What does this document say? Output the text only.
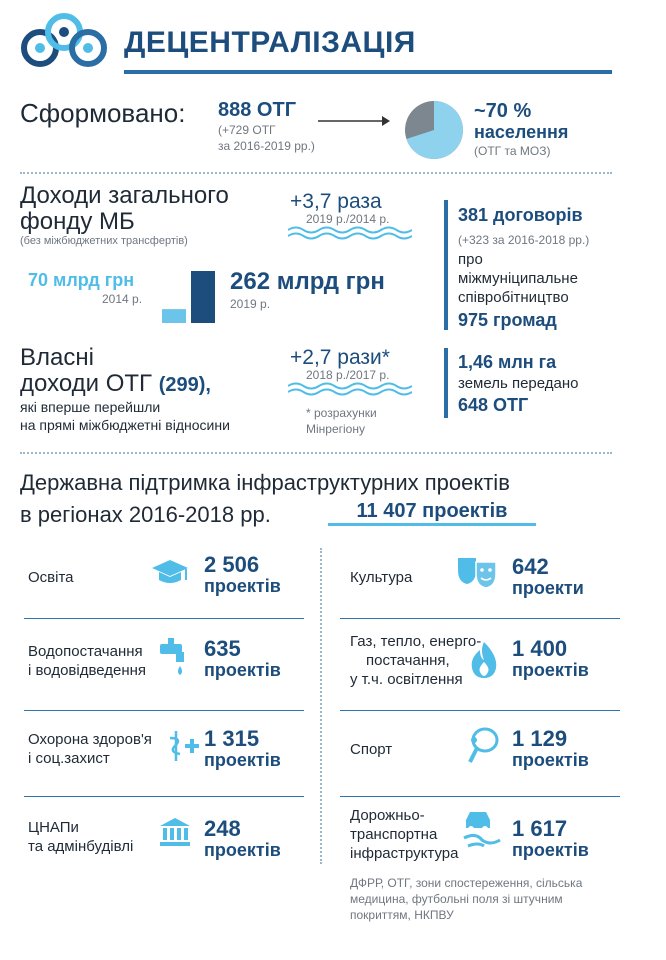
ДЕЦЕНТРАЛІЗАЦІЯ
Сформовано: 888 ОТГ
(+729 ОТГ
за 2016-2019 рр.)
~70 %
населення
(ОТГ та МОЗ)
Доходи загального
фонду МБ
(без міжбюджетних трансфертів)
+3,7 раза
2019 р./2014 р.
70 млрд грн
2014 р.
262 млрд грн
2019 р.
381 договорів
(+323 за 2016-2018 рр.)
про
міжмуніципальне
співробітництво
975 громад
Власні
доходи ОТГ (299),
які вперше перейшли
на прямі міжбюджетні відносини
+2,7 рази*
2018 р./2017 р.
* розрахунки
Мінрегіону
1,46 млн га
земель передано
648 ОТГ
Державна підтримка інфраструктурних проектів
в регіонах 2016-2018 рр.	11 407 проектів
Освіта
2 506
проектів
Водопостачання
і водовідведення
635
проектів
Охорона здоров'я
і соц.захист
1 315
проектів
ЦНАПи
та адмінбудівлі
248
проектів
Культура	642
проекти
Газ, тепло, енерго-
постачання,
у т.ч. освітлення
1 400
проектів
Спорт	1 129
проектів
Дорожньо-
транспортна
інфраструктура
1 617
проектів
ДФРР, ОТГ, зони спостереження, сільська
медицина, футбольні поля зі штучним
покриттям, НКПВУ
